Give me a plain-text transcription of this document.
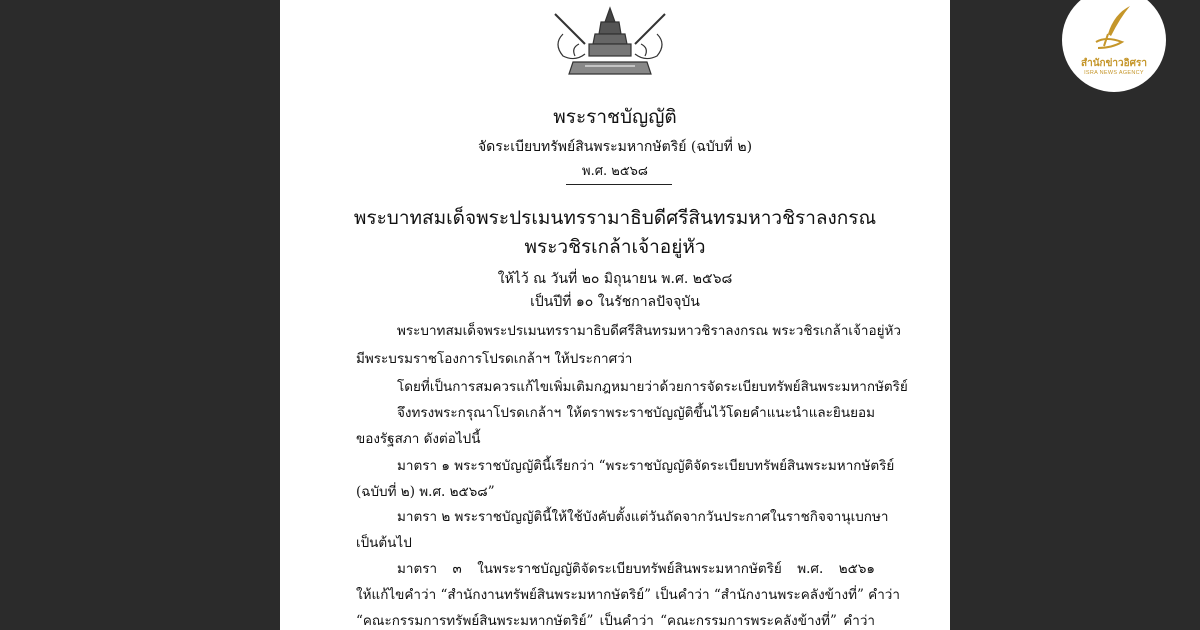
พระราชบัญญัติ
จัดระเบียบทรัพย์สินพระมหากษัตริย์ (ฉบับที่ ๒)
พ.ศ. ๒๕๖๘
พระบาทสมเด็จพระปรเมนทรรามาธิบดีศรีสินทรมหาวชิราลงกรณ
พระวชิรเกล้าเจ้าอยู่หัว
ให้ไว้ ณ วันที่ ๒๐ มิถุนายน พ.ศ. ๒๕๖๘
เป็นปีที่ ๑๐ ในรัชกาลปัจจุบัน
พระบาทสมเด็จพระปรเมนทรรามาธิบดีศรีสินทรมหาวชิราลงกรณ พระวชิรเกล้าเจ้าอยู่หัว
มีพระบรมราชโองการโปรดเกล้าฯ ให้ประกาศว่า
โดยที่เป็นการสมควรแก้ไขเพิ่มเติมกฎหมายว่าด้วยการจัดระเบียบทรัพย์สินพระมหากษัตริย์
จึงทรงพระกรุณาโปรดเกล้าฯ ให้ตราพระราชบัญญัติขึ้นไว้โดยคำแนะนำและยินยอม
ของรัฐสภา ดังต่อไปนี้
มาตรา ๑ พระราชบัญญัตินี้เรียกว่า “พระราชบัญญัติจัดระเบียบทรัพย์สินพระมหากษัตริย์
(ฉบับที่ ๒) พ.ศ. ๒๕๖๘”
มาตรา ๒ พระราชบัญญัตินี้ให้ใช้บังคับตั้งแต่วันถัดจากวันประกาศในราชกิจจานุเบกษา
เป็นต้นไป
มาตรา ๓ ในพระราชบัญญัติจัดระเบียบทรัพย์สินพระมหากษัตริย์ พ.ศ. ๒๕๖๑
ให้แก้ไขคำว่า “สำนักงานทรัพย์สินพระมหากษัตริย์” เป็นคำว่า “สำนักงานพระคลังข้างที่” คำว่า
“คณะกรรมการทรัพย์สินพระมหากษัตริย์” เป็นคำว่า “คณะกรรมการพระคลังข้างที่” คำว่า
สำนักข่าวอิศรา
ISRA NEWS AGENCY
